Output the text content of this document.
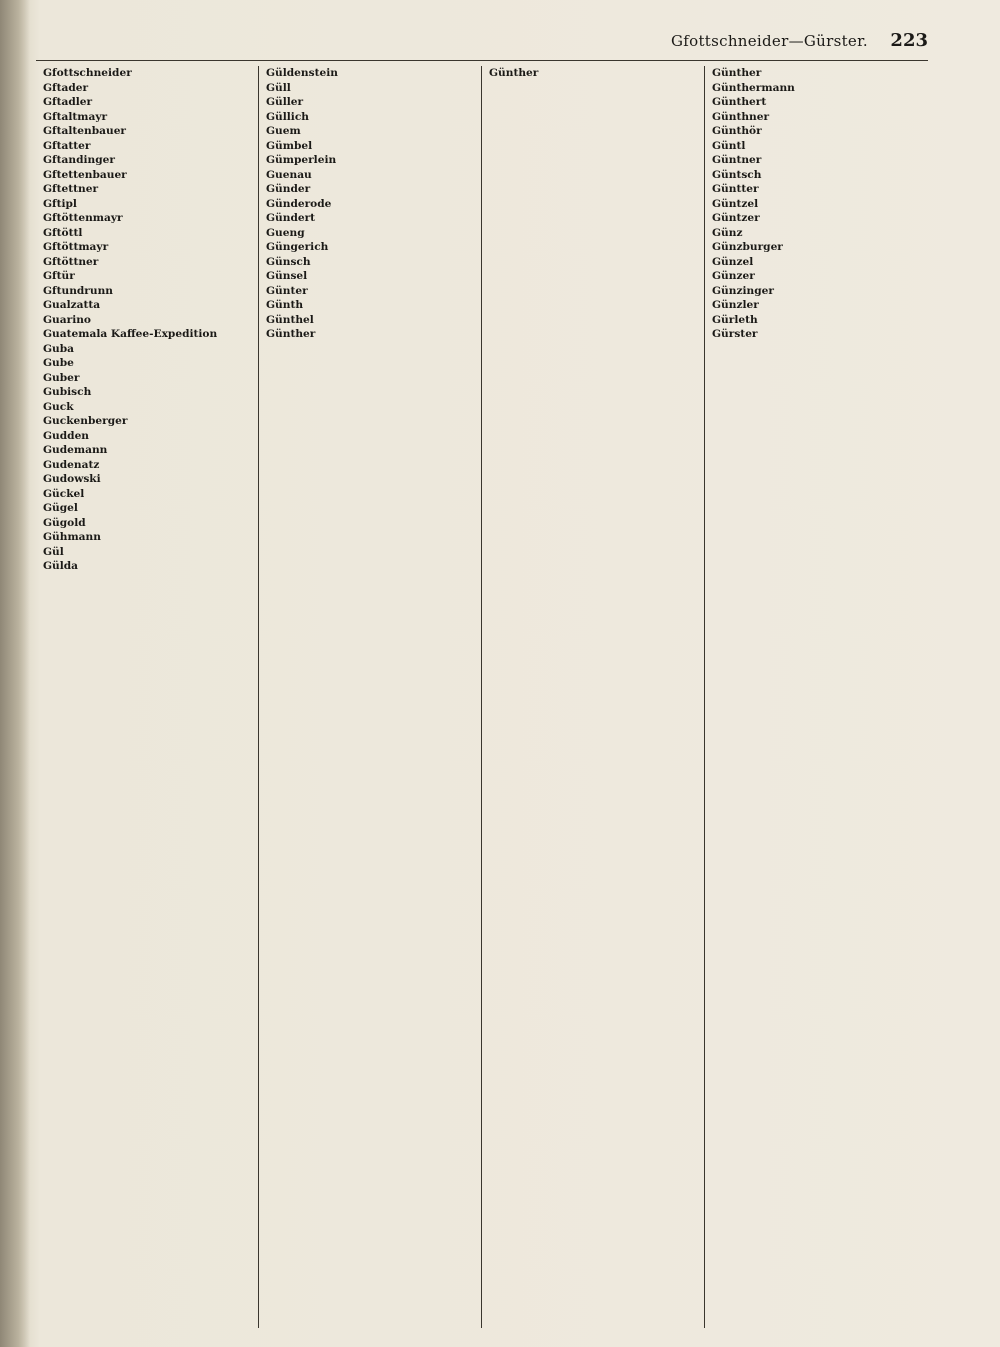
Gfottschneider—Gürster. 223

Gfottschneider

Gftader

Gftadler

Gftaltmayr

Gftaltenbauer

Gftatter

Gftandinger

Gftettenbauer

Gftettner

Gftipl

Gftöttenmayr

Gftöttl

Gftöttmayr

Gftöttner

Gftür

Gftundrunn

Gualzatta

Guarino

Guatemala Kaffee-Expedition

Guba

Gube

Guber

Gubisch

Guck

Guckenberger

Gudden

Gudemann

Gudenatz

Gudowski

Gückel

Gügel

Gügold

Gühmann

Gül

Gülda

Güldenstein

Güll

Güller

Güllich

Guem

Gümbel

Gümperlein

Guenau

Günder

Günderode

Gündert

Gueng

Güngerich

Günsch

Günsel

Günter

Günth

Günthel

Günther

Günther	Günther

Günthermann

Günthert

Günthner

Günthör

Güntl

Güntner

Güntsch

Güntter

Güntzel

Güntzer

Günz

Günzburger

Günzel

Günzer

Günzinger

Günzler

Gürleth

Gürster
